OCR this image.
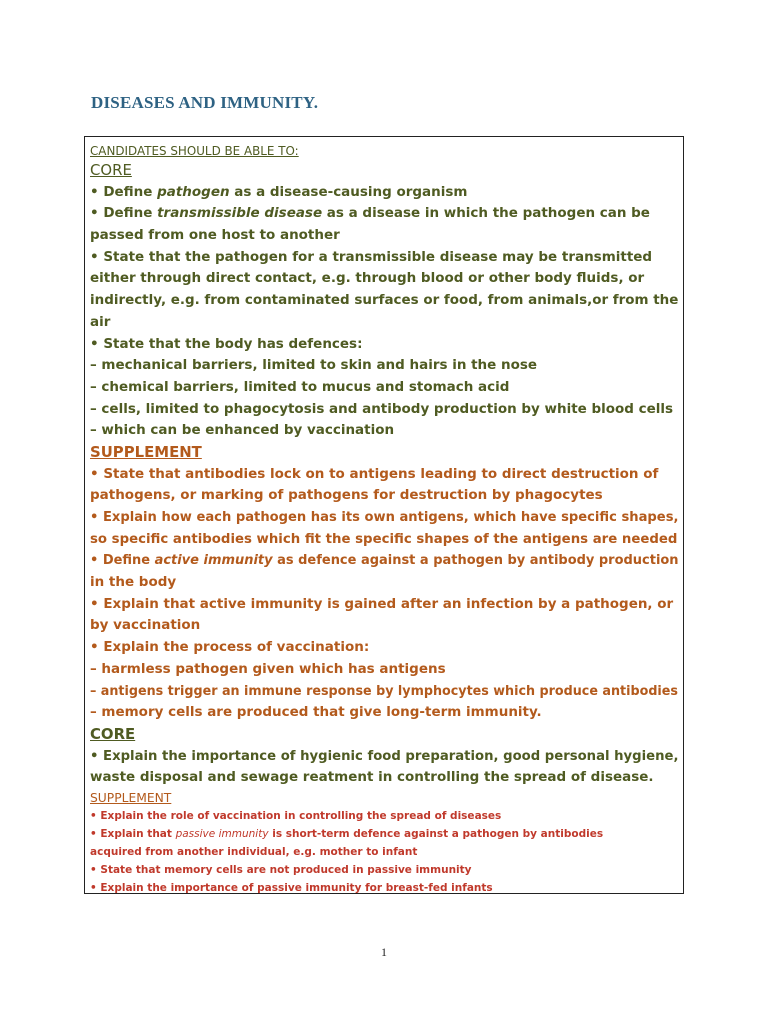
DISEASES AND IMMUNITY.
CANDIDATES SHOULD BE ABLE TO:
CORE
• Define pathogen as a disease-causing organism
• Define transmissible disease as a disease in which the pathogen can be
passed from one host to another
• State that the pathogen for a transmissible disease may be transmitted
either through direct contact, e.g. through blood or other body fluids, or
indirectly, e.g. from contaminated surfaces or food, from animals,or from the
air
• State that the body has defences:
– mechanical barriers, limited to skin and hairs in the nose
– chemical barriers, limited to mucus and stomach acid
– cells, limited to phagocytosis and antibody production by white blood cells
– which can be enhanced by vaccination
SUPPLEMENT
• State that antibodies lock on to antigens leading to direct destruction of
pathogens, or marking of pathogens for destruction by phagocytes
• Explain how each pathogen has its own antigens, which have specific shapes,
so specific antibodies which fit the specific shapes of the antigens are needed
• Define active immunity as defence against a pathogen by antibody production
in the body
• Explain that active immunity is gained after an infection by a pathogen, or
by vaccination
• Explain the process of vaccination:
– harmless pathogen given which has antigens
– antigens trigger an immune response by lymphocytes which produce antibodies
– memory cells are produced that give long-term immunity.
CORE
• Explain the importance of hygienic food preparation, good personal hygiene,
waste disposal and sewage reatment in controlling the spread of disease.
SUPPLEMENT
• Explain the role of vaccination in controlling the spread of diseases
• Explain that passive immunity is short-term defence against a pathogen by antibodies
acquired from another individual, e.g. mother to infant
• State that memory cells are not produced in passive immunity
• Explain the importance of passive immunity for breast-fed infants
1
